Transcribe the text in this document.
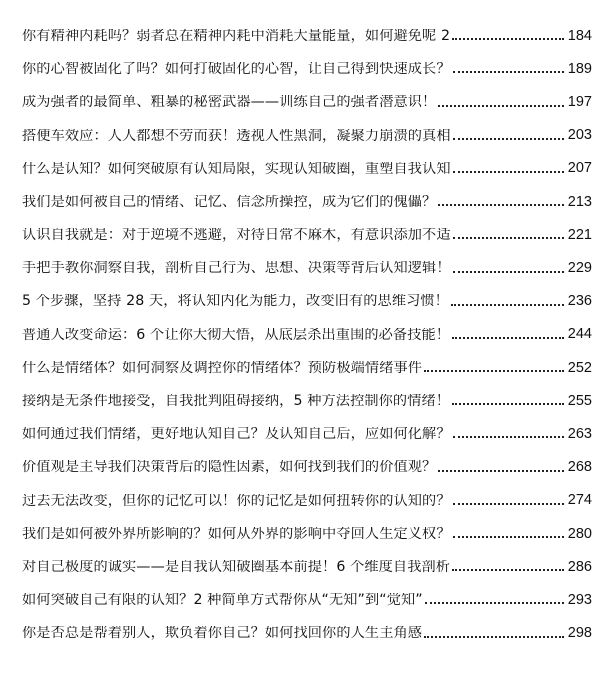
你有精神内耗吗？弱者总在精神内耗中消耗大量能量，如何避免呢 2	184
你的心智被固化了吗？如何打破固化的心智，让自己得到快速成长？	189
成为强者的最简单、粗暴的秘密武器——训练自己的强者潜意识！	197
搭便车效应：人人都想不劳而获！透视人性黑洞，凝聚力崩溃的真相	203
什么是认知？如何突破原有认知局限，实现认知破圈，重塑自我认知	207
我们是如何被自己的情绪、记忆、信念所操控，成为它们的傀儡？	213
认识自我就是：对于逆境不逃避，对待日常不麻木，有意识添加不适	221
手把手教你洞察自我，剖析自己行为、思想、决策等背后认知逻辑！	229
5 个步骤，坚持 28 天，将认知内化为能力，改变旧有的思维习惯！	236
普通人改变命运：6 个让你大彻大悟，从底层杀出重围的必备技能！	244
什么是情绪体？如何洞察及调控你的情绪体？预防极端情绪事件	252
接纳是无条件地接受，自我批判阻碍接纳，5 种方法控制你的情绪！	255
如何通过我们情绪，更好地认知自己？及认知自己后，应如何化解？	263
价值观是主导我们决策背后的隐性因素，如何找到我们的价值观？	268
过去无法改变，但你的记忆可以！你的记忆是如何扭转你的认知的？	274
我们是如何被外界所影响的？如何从外界的影响中夺回人生定义权？	280
对自己极度的诚实——是自我认知破圈基本前提！6 个维度自我剖析	286
如何突破自己有限的认知？2 种简单方式帮你从“无知”到“觉知”	293
你是否总是帮着别人，欺负着你自己？如何找回你的人生主角感	298
